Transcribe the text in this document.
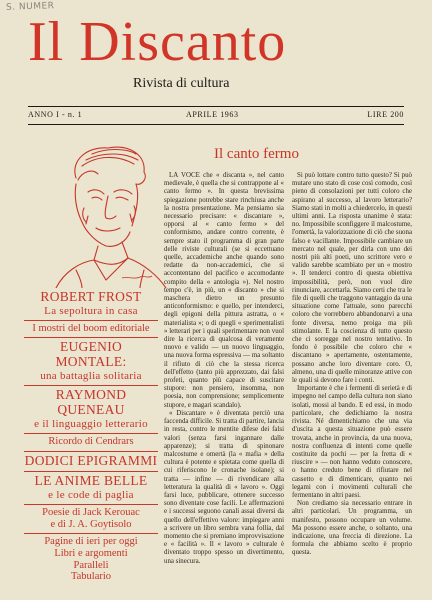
S. NUMER
Il Discanto
Rivista di cultura
ANNO I - n. 1	APRILE 1963	LIRE 200
ROBERT FROST
La sepoltura in casa
I mostri del boom editoriale
EUGENIO MONTALE:
una battaglia solitaria
RAYMOND QUENEAU
e il linguaggio letterario
Ricordo di Cendrars
DODICI EPIGRAMMI
LE ANIME BELLE
e le code di paglia
Poesie di Jack Kerouac
e di J. A. Goytisolo
Pagine di ieri per oggi
Libri e argomenti
Paralleli
Tabulario
Il canto fermo

LA VOCE che « discanta », nel canto medievale, è quella che si contrappone al « canto fermo ». In questa brevissima spiegazione potrebbe stare rinchiusa anche la nostra presentazione. Ma pensiamo sia necessario precisare: « discantare », opporsi al « canto fermo » del conformismo, andare contro corrente, è sempre stato il programma di gran parte delle riviste culturali (se si eccettuano quelle, accademiche anche quando sono redatte da non-accademici, che si accontentano del pacifico e accomodante compito della « antologia »). Nel nostro tempo c'è, in più, un « discanto » che si maschera dietro un presunto anticonformismo: e quello, per intenderci, degli epigoni della pittura astratta, o « materialista »; o di quegli « sperimentalisti » letterari per i quali sperimentare non vuol dire la ricerca di qualcosa di veramente nuovo e valido — un nuovo linguaggio, una nuova forma espressiva — ma soltanto il rifiuto di ciò che la stessa ricerca dell'effetto (tanto più apprezzato, dai falsi profeti, quanto più capace di suscitare stupore: non pensiero, insomma, non poesia, non comprensione; semplicemente stupore, e magari scandalo).

« Discantare » è diventata perciò una faccenda difficile. Si tratta di partire, lancia in resta, contro le mentite difese dei falsi valori (senza farsi ingannare dalle apparenze); si tratta di spinonare malcostume e omertà (la « mafia » della cultura è potente e spietata come quella di cui riferiscono le cronache isolane); si tratta — infine — di rivendicare alla letteratura la qualità di « lavoro ». Oggi farsi luce, pubblicare, ottenere successo sono diventate cose facili. Le affermazioni e i successi seguono canali assai diversi da quello dell'effettivo valore: impiegare anni a scrivere un libro sembra vana follia, dal momento che si premiano improvvisazione e « facilità ». Il « lavoro » culturale è diventato troppo spesso un divertimento, una sinecura.

Si può lottare contro tutto questo? Si può mutare uno stato di cose così comodo, così pieno di consolazioni per tutti coloro che aspirano al successo, al lavoro letterario? Siamo stati in molti a chiedercelo, in questi ultimi anni. La risposta unanime è stata: no. Impossibile sconfiggere il malcostume, l'omertà, la valorizzazione di ciò che suona falso e vacillante. Impossibile cambiare un mercato nel quale, per dirla con uno dei nostri più alti poeti, uno scrittore vero e valido sarebbe scambiato per un « mostro ». Il tenderci contro di questa obiettiva impossibilità, però, non vuol dire rinunciare, accettarla. Siamo certi che tra le file di quelli che traggono vantaggio da una situazione come l'attuale, sono parecchi coloro che vorrebbero abbandonarvi a una fonte diversa, nemo proiga ma più stimolante. E la coscienza di tutto questo che ci sorregge nel nostro tentativo. In fondo è possibile che coloro che « discantano » apertamente, ostentamente, possano anche loro diventare coro. O, almeno, una di quelle minoranze attive con le quali si devono fare i conti.

Importante è che i fermenti di serietà e di impegno nel campo della cultura non siano isolati, mossi al bando. E ed essi, in modo particolare, che dedichiamo la nostra rivista. Né dimentichiamo che una via d'uscita a questa situazione può essere trovata, anche in provincia, da una nuova, nostra confluenza di intenti come quelle costituite da pochi — per la fretta di « riuscire » — non hanno veduto conoscere, o hanno creduto bene di rifiutare nel cassetto e di dimenticare, quanto nei legami con i movimenti culturali che fermentano in altri paesi.

Non crediamo sia necessario entrare in altri particolari. Un programma, un manifesto, possono occupare un volume. Ma possono essere anche, o soltanto, una indicazione, una freccia di direzione. La formula che abbiamo scelto è proprio questa.
